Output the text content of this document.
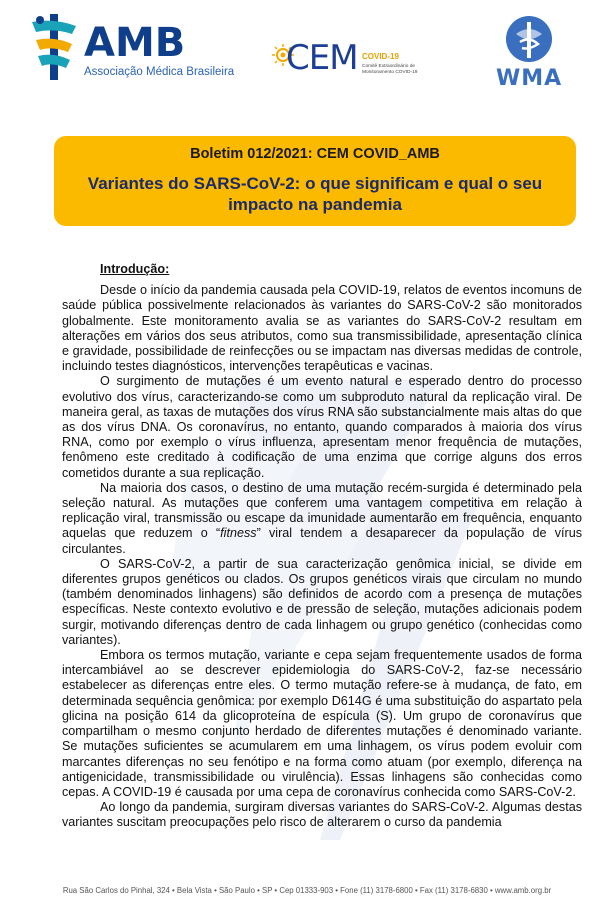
AMB
Associação Médica Brasileira CEM COVID-19
Comitê Extraordinário de Monitoramento COVID-19	WMA
Boletim 012/2021: CEM COVID_AMB
Variantes do SARS-CoV-2: o que significam e qual o seu impacto na pandemia
Introdução:

Desde o início da pandemia causada pela COVID-19, relatos de eventos incomuns de saúde pública possivelmente relacionados às variantes do SARS-CoV-2 são monitorados globalmente. Este monitoramento avalia se as variantes do SARS-CoV-2 resultam em alterações em vários dos seus atributos, como sua transmissibilidade, apresentação clínica e gravidade, possibilidade de reinfecções ou se impactam nas diversas medidas de controle, incluindo testes diagnósticos, intervenções terapêuticas e vacinas.

O surgimento de mutações é um evento natural e esperado dentro do processo evolutivo dos vírus, caracterizando-se como um subproduto natural da replicação viral. De maneira geral, as taxas de mutações dos vírus RNA são substancialmente mais altas do que as dos vírus DNA. Os coronavírus, no entanto, quando comparados à maioria dos vírus RNA, como por exemplo o vírus influenza, apresentam menor frequência de mutações, fenômeno este creditado à codificação de uma enzima que corrige alguns dos erros cometidos durante a sua replicação.

Na maioria dos casos, o destino de uma mutação recém-surgida é determinado pela seleção natural. As mutações que conferem uma vantagem competitiva em relação à replicação viral, transmissão ou escape da imunidade aumentarão em frequência, enquanto aquelas que reduzem o “fitness” viral tendem a desaparecer da população de vírus circulantes.

O SARS-CoV-2, a partir de sua caracterização genômica inicial, se divide em diferentes grupos genéticos ou clados. Os grupos genéticos virais que circulam no mundo (também denominados linhagens) são definidos de acordo com a presença de mutações específicas. Neste contexto evolutivo e de pressão de seleção, mutações adicionais podem surgir, motivando diferenças dentro de cada linhagem ou grupo genético (conhecidas como variantes).

Embora os termos mutação, variante e cepa sejam frequentemente usados de forma intercambiável ao se descrever epidemiologia do SARS-CoV-2, faz-se necessário estabelecer as diferenças entre eles. O termo mutação refere-se à mudança, de fato, em determinada sequência genômica: por exemplo D614G é uma substituição do aspartato pela glicina na posição 614 da glicoproteína de espícula (S). Um grupo de coronavírus que compartilham o mesmo conjunto herdado de diferentes mutações é denominado variante. Se mutações suficientes se acumularem em uma linhagem, os vírus podem evoluir com marcantes diferenças no seu fenótipo e na forma como atuam (por exemplo, diferença na antigenicidade, transmissibilidade ou virulência). Essas linhagens são conhecidas como cepas. A COVID-19 é causada por uma cepa de coronavírus conhecida como SARS-CoV-2.

Ao longo da pandemia, surgiram diversas variantes do SARS-CoV-2. Algumas destas variantes suscitam preocupações pelo risco de alterarem o curso da pandemia

Rua São Carlos do Pinhal, 324 • Bela Vista • São Paulo • SP • Cep 01333-903 • Fone (11) 3178-6800 • Fax (11) 3178-6830 • www.amb.org.br
